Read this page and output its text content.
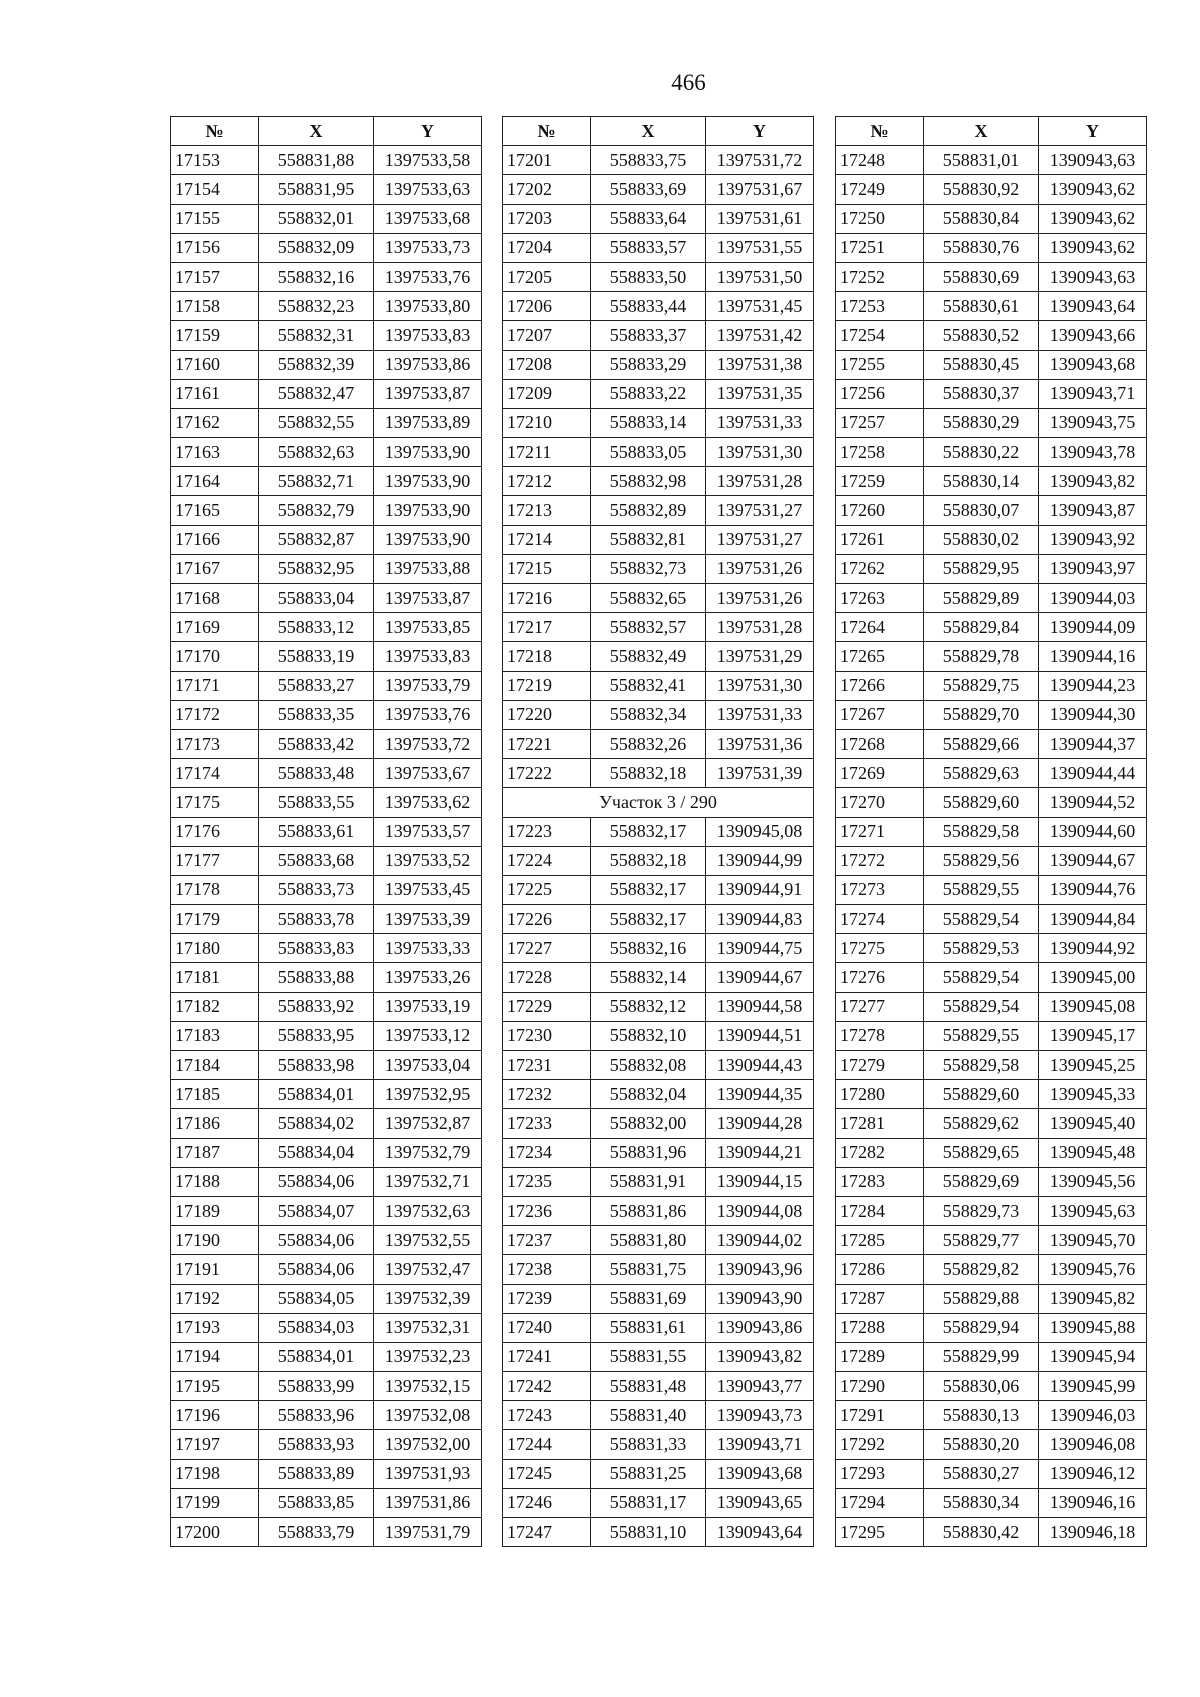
466
№	X	Y
17153	558831,88	1397533,58
17154	558831,95	1397533,63
17155	558832,01	1397533,68
17156	558832,09	1397533,73
17157	558832,16	1397533,76
17158	558832,23	1397533,80
17159	558832,31	1397533,83
17160	558832,39	1397533,86
17161	558832,47	1397533,87
17162	558832,55	1397533,89
17163	558832,63	1397533,90
17164	558832,71	1397533,90
17165	558832,79	1397533,90
17166	558832,87	1397533,90
17167	558832,95	1397533,88
17168	558833,04	1397533,87
17169	558833,12	1397533,85
17170	558833,19	1397533,83
17171	558833,27	1397533,79
17172	558833,35	1397533,76
17173	558833,42	1397533,72
17174	558833,48	1397533,67
17175	558833,55	1397533,62
17176	558833,61	1397533,57
17177	558833,68	1397533,52
17178	558833,73	1397533,45
17179	558833,78	1397533,39
17180	558833,83	1397533,33
17181	558833,88	1397533,26
17182	558833,92	1397533,19
17183	558833,95	1397533,12
17184	558833,98	1397533,04
17185	558834,01	1397532,95
17186	558834,02	1397532,87
17187	558834,04	1397532,79
17188	558834,06	1397532,71
17189	558834,07	1397532,63
17190	558834,06	1397532,55
17191	558834,06	1397532,47
17192	558834,05	1397532,39
17193	558834,03	1397532,31
17194	558834,01	1397532,23
17195	558833,99	1397532,15
17196	558833,96	1397532,08
17197	558833,93	1397532,00
17198	558833,89	1397531,93
17199	558833,85	1397531,86
17200	558833,79	1397531,79
№	X	Y
17201	558833,75	1397531,72
17202	558833,69	1397531,67
17203	558833,64	1397531,61
17204	558833,57	1397531,55
17205	558833,50	1397531,50
17206	558833,44	1397531,45
17207	558833,37	1397531,42
17208	558833,29	1397531,38
17209	558833,22	1397531,35
17210	558833,14	1397531,33
17211	558833,05	1397531,30
17212	558832,98	1397531,28
17213	558832,89	1397531,27
17214	558832,81	1397531,27
17215	558832,73	1397531,26
17216	558832,65	1397531,26
17217	558832,57	1397531,28
17218	558832,49	1397531,29
17219	558832,41	1397531,30
17220	558832,34	1397531,33
17221	558832,26	1397531,36
17222	558832,18	1397531,39
Участок 3 / 290		
17223	558832,17	1390945,08
17224	558832,18	1390944,99
17225	558832,17	1390944,91
17226	558832,17	1390944,83
17227	558832,16	1390944,75
17228	558832,14	1390944,67
17229	558832,12	1390944,58
17230	558832,10	1390944,51
17231	558832,08	1390944,43
17232	558832,04	1390944,35
17233	558832,00	1390944,28
17234	558831,96	1390944,21
17235	558831,91	1390944,15
17236	558831,86	1390944,08
17237	558831,80	1390944,02
17238	558831,75	1390943,96
17239	558831,69	1390943,90
17240	558831,61	1390943,86
17241	558831,55	1390943,82
17242	558831,48	1390943,77
17243	558831,40	1390943,73
17244	558831,33	1390943,71
17245	558831,25	1390943,68
17246	558831,17	1390943,65
17247	558831,10	1390943,64
№	X	Y
17248	558831,01	1390943,63
17249	558830,92	1390943,62
17250	558830,84	1390943,62
17251	558830,76	1390943,62
17252	558830,69	1390943,63
17253	558830,61	1390943,64
17254	558830,52	1390943,66
17255	558830,45	1390943,68
17256	558830,37	1390943,71
17257	558830,29	1390943,75
17258	558830,22	1390943,78
17259	558830,14	1390943,82
17260	558830,07	1390943,87
17261	558830,02	1390943,92
17262	558829,95	1390943,97
17263	558829,89	1390944,03
17264	558829,84	1390944,09
17265	558829,78	1390944,16
17266	558829,75	1390944,23
17267	558829,70	1390944,30
17268	558829,66	1390944,37
17269	558829,63	1390944,44
17270	558829,60	1390944,52
17271	558829,58	1390944,60
17272	558829,56	1390944,67
17273	558829,55	1390944,76
17274	558829,54	1390944,84
17275	558829,53	1390944,92
17276	558829,54	1390945,00
17277	558829,54	1390945,08
17278	558829,55	1390945,17
17279	558829,58	1390945,25
17280	558829,60	1390945,33
17281	558829,62	1390945,40
17282	558829,65	1390945,48
17283	558829,69	1390945,56
17284	558829,73	1390945,63
17285	558829,77	1390945,70
17286	558829,82	1390945,76
17287	558829,88	1390945,82
17288	558829,94	1390945,88
17289	558829,99	1390945,94
17290	558830,06	1390945,99
17291	558830,13	1390946,03
17292	558830,20	1390946,08
17293	558830,27	1390946,12
17294	558830,34	1390946,16
17295	558830,42	1390946,18
